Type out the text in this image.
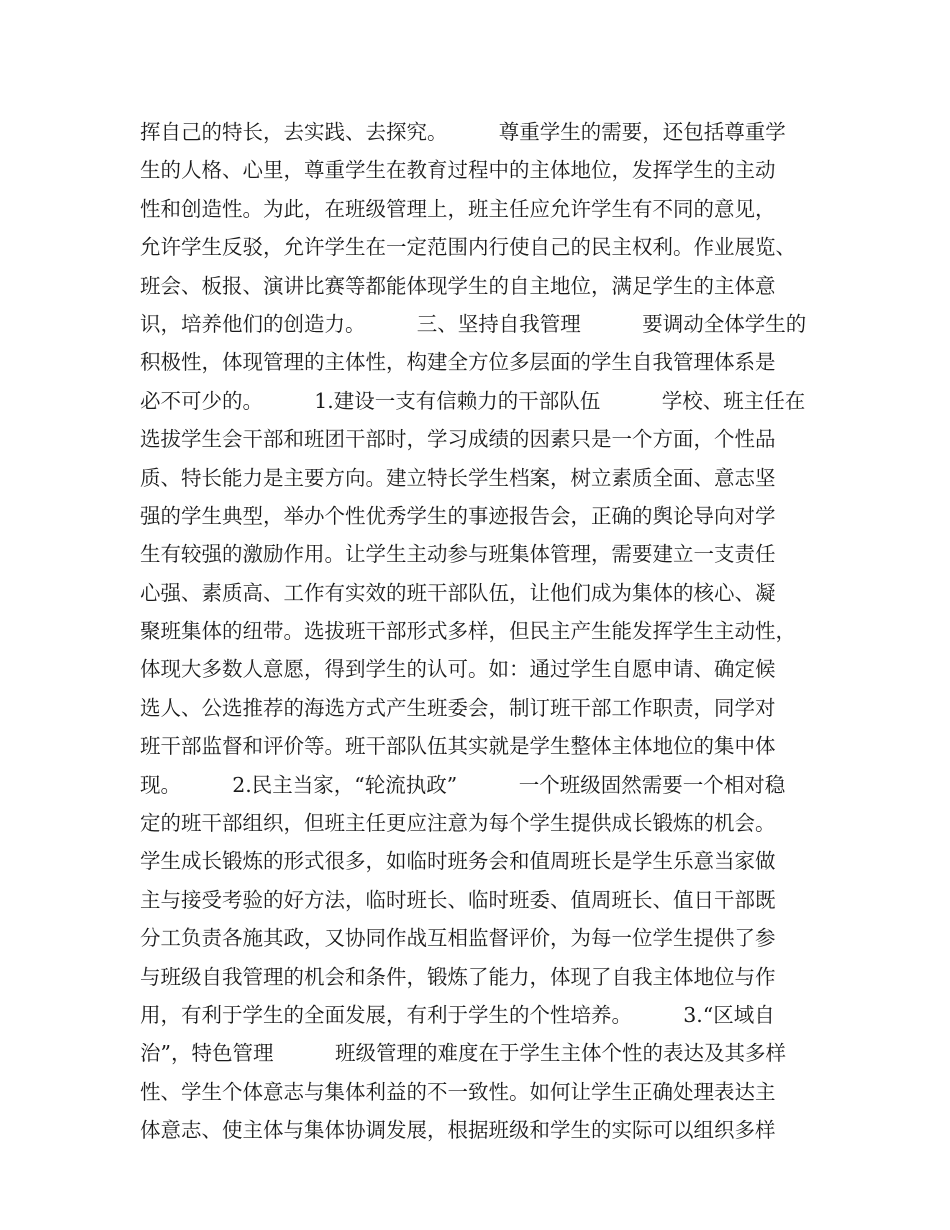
挥自己的特长，去实践、去探究。　　　尊重学生的需要，还包括尊重学
生的人格、心里，尊重学生在教育过程中的主体地位，发挥学生的主动
性和创造性。为此，在班级管理上，班主任应允许学生有不同的意见，
允许学生反驳，允许学生在一定范围内行使自己的民主权利。作业展览、
班会、板报、演讲比赛等都能体现学生的自主地位，满足学生的主体意
识，培养他们的创造力。　　　三、坚持自我管理　　　要调动全体学生的
积极性，体现管理的主体性，构建全方位多层面的学生自我管理体系是
必不可少的。　　　1.建设一支有信赖力的干部队伍　　　学校、班主任在
选拔学生会干部和班团干部时，学习成绩的因素只是一个方面，个性品
质、特长能力是主要方向。建立特长学生档案，树立素质全面、意志坚
强的学生典型，举办个性优秀学生的事迹报告会，正确的舆论导向对学
生有较强的激励作用。让学生主动参与班集体管理，需要建立一支责任
心强、素质高、工作有实效的班干部队伍，让他们成为集体的核心、凝
聚班集体的纽带。选拔班干部形式多样，但民主产生能发挥学生主动性，
体现大多数人意愿，得到学生的认可。如：通过学生自愿申请、确定候
选人、公选推荐的海选方式产生班委会，制订班干部工作职责，同学对
班干部监督和评价等。班干部队伍其实就是学生整体主体地位的集中体
现。　　　2.民主当家，“轮流执政”　　　一个班级固然需要一个相对稳
定的班干部组织，但班主任更应注意为每个学生提供成长锻炼的机会。
学生成长锻炼的形式很多，如临时班务会和值周班长是学生乐意当家做
主与接受考验的好方法，临时班长、临时班委、值周班长、值日干部既
分工负责各施其政，又协同作战互相监督评价，为每一位学生提供了参
与班级自我管理的机会和条件，锻炼了能力，体现了自我主体地位与作
用，有利于学生的全面发展，有利于学生的个性培养。　　　3.“区域自
治”，特色管理　　　班级管理的难度在于学生主体个性的表达及其多样
性、学生个体意志与集体利益的不一致性。如何让学生正确处理表达主
体意志、使主体与集体协调发展，根据班级和学生的实际可以组织多样
